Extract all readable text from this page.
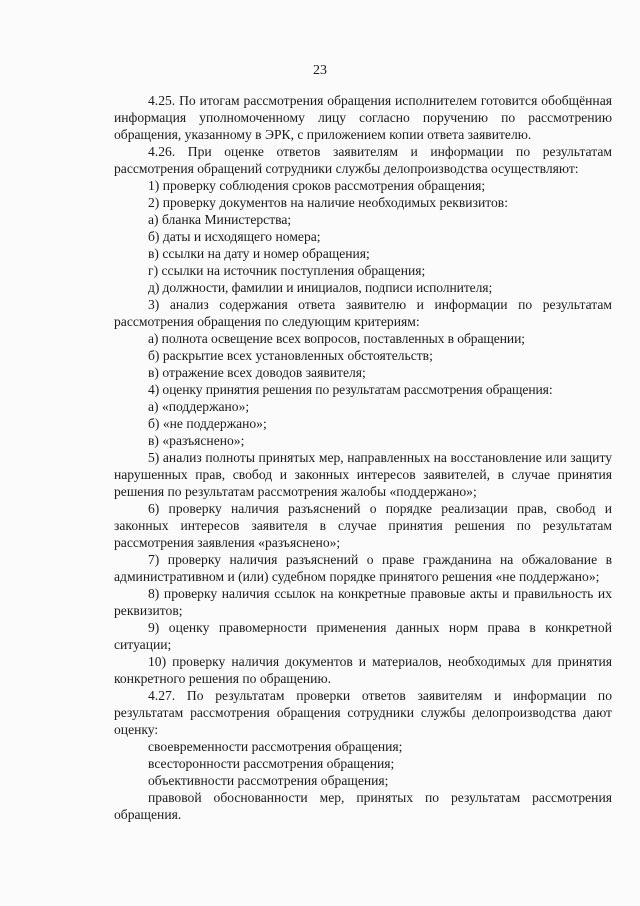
23

4.25. По итогам рассмотрения обращения исполнителем готовится обобщённая информация уполномоченному лицу согласно поручению по рассмотрению обращения, указанному в ЭРК, с приложением копии ответа заявителю.

4.26. При оценке ответов заявителям и информации по результатам рассмотрения обращений сотрудники службы делопроизводства осуществляют:

1) проверку соблюдения сроков рассмотрения обращения;

2) проверку документов на наличие необходимых реквизитов:

а) бланка Министерства;

б) даты и исходящего номера;

в) ссылки на дату и номер обращения;

г) ссылки на источник поступления обращения;

д) должности, фамилии и инициалов, подписи исполнителя;

3) анализ содержания ответа заявителю и информации по результатам рассмотрения обращения по следующим критериям:

а) полнота освещение всех вопросов, поставленных в обращении;

б) раскрытие всех установленных обстоятельств;

в) отражение всех доводов заявителя;

4) оценку принятия решения по результатам рассмотрения обращения:

а) «поддержано»;

б) «не поддержано»;

в) «разъяснено»;

5) анализ полноты принятых мер, направленных на восстановление или защиту нарушенных прав, свобод и законных интересов заявителей, в случае принятия решения по результатам рассмотрения жалобы «поддержано»;

6) проверку наличия разъяснений о порядке реализации прав, свобод и законных интересов заявителя в случае принятия решения по результатам рассмотрения заявления «разъяснено»;

7) проверку наличия разъяснений о праве гражданина на обжалование в административном и (или) судебном порядке принятого решения «не поддержано»;

8) проверку наличия ссылок на конкретные правовые акты и правильность их реквизитов;

9) оценку правомерности применения данных норм права в конкретной ситуации;

10) проверку наличия документов и материалов, необходимых для принятия конкретного решения по обращению.

4.27. По результатам проверки ответов заявителям и информации по результатам рассмотрения обращения сотрудники службы делопроизводства дают оценку:

своевременности рассмотрения обращения;

всесторонности рассмотрения обращения;

объективности рассмотрения обращения;

правовой обоснованности мер, принятых по результатам рассмотрения обращения.
